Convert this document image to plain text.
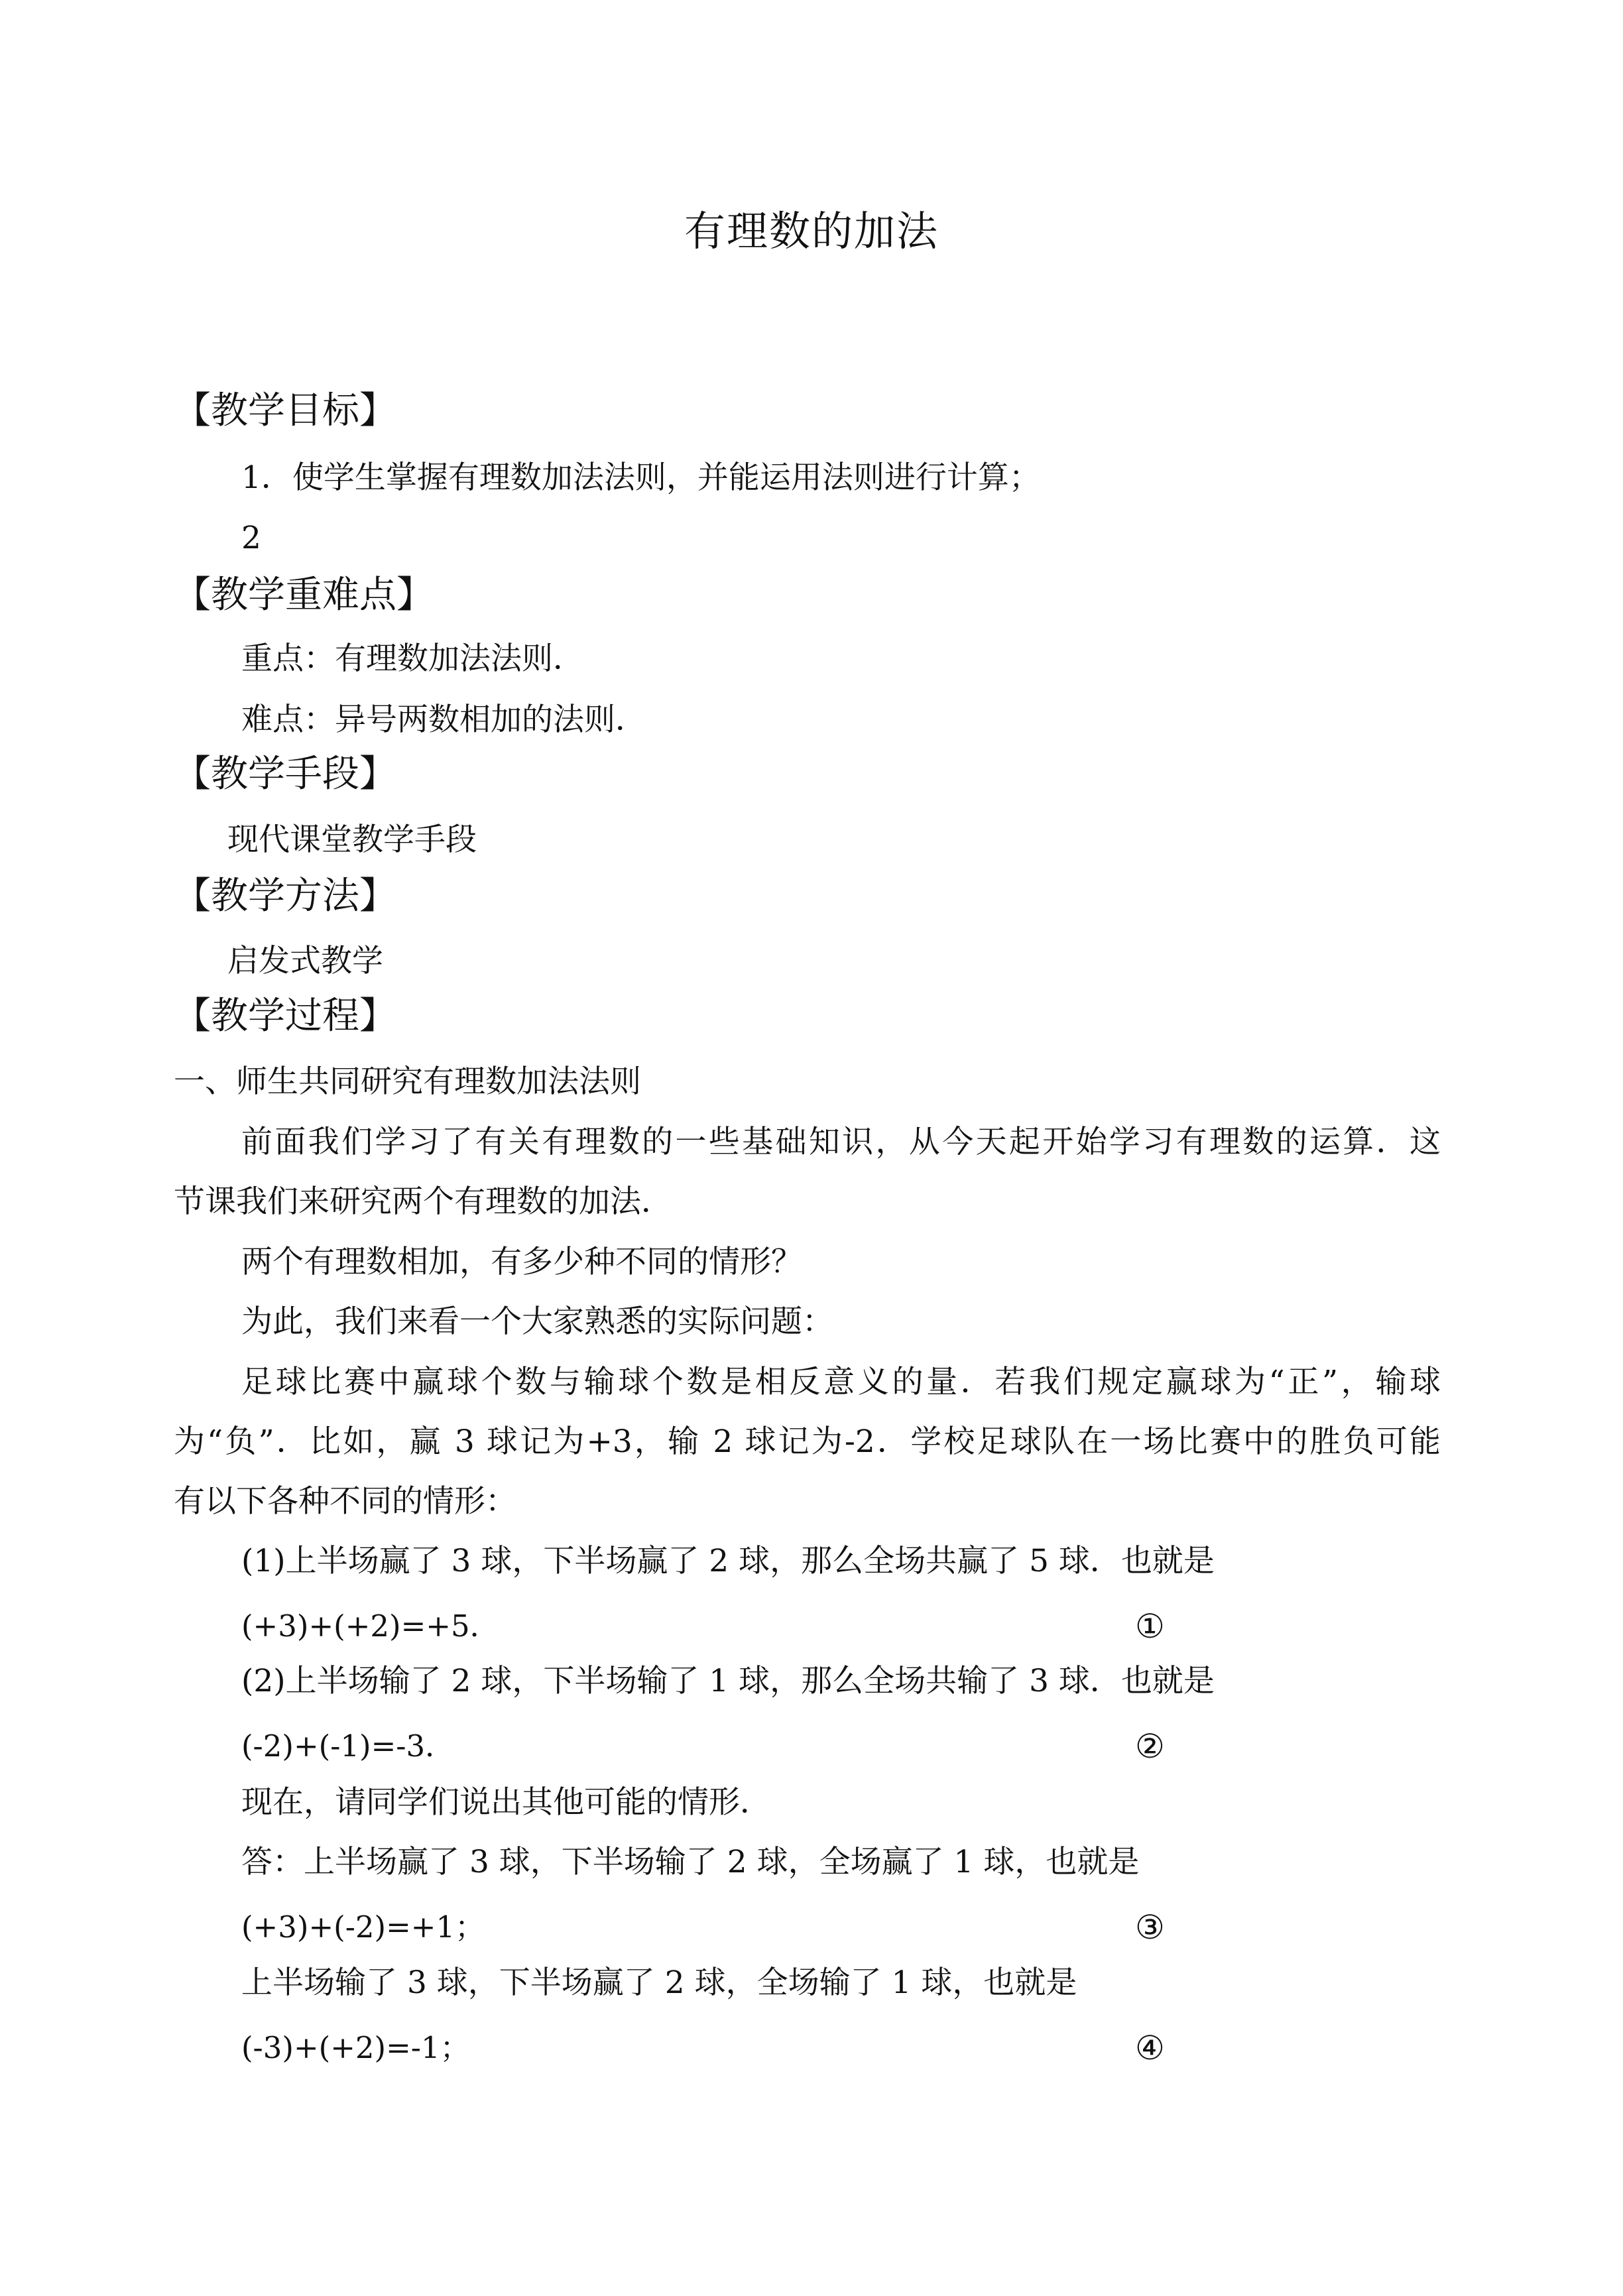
有理数的加法
【教学目标】
1．使学生掌握有理数加法法则，并能运用法则进行计算；
2
【教学重难点】
重点：有理数加法法则．
难点：异号两数相加的法则．
【教学手段】
现代课堂教学手段
【教学方法】
启发式教学
【教学过程】
一、师生共同研究有理数加法法则
前面我们学习了有关有理数的一些基础知识，从今天起开始学习有理数的运算．这
节课我们来研究两个有理数的加法．
两个有理数相加，有多少种不同的情形？
为此，我们来看一个大家熟悉的实际问题：
足球比赛中赢球个数与输球个数是相反意义的量．若我们规定赢球为“正”，输球
为“负”．比如，赢 3 球记为+3，输 2 球记为-2．学校足球队在一场比赛中的胜负可能
有以下各种不同的情形：
(1)上半场赢了 3 球，下半场赢了 2 球，那么全场共赢了 5 球．也就是
(+3)+(+2)=+5．	①
(2)上半场输了 2 球，下半场输了 1 球，那么全场共输了 3 球．也就是
(-2)+(-1)=-3．	②
现在，请同学们说出其他可能的情形．
答：上半场赢了 3 球，下半场输了 2 球，全场赢了 1 球，也就是
(+3)+(-2)=+1；	③
上半场输了 3 球，下半场赢了 2 球，全场输了 1 球，也就是
(-3)+(+2)=-1；	④
